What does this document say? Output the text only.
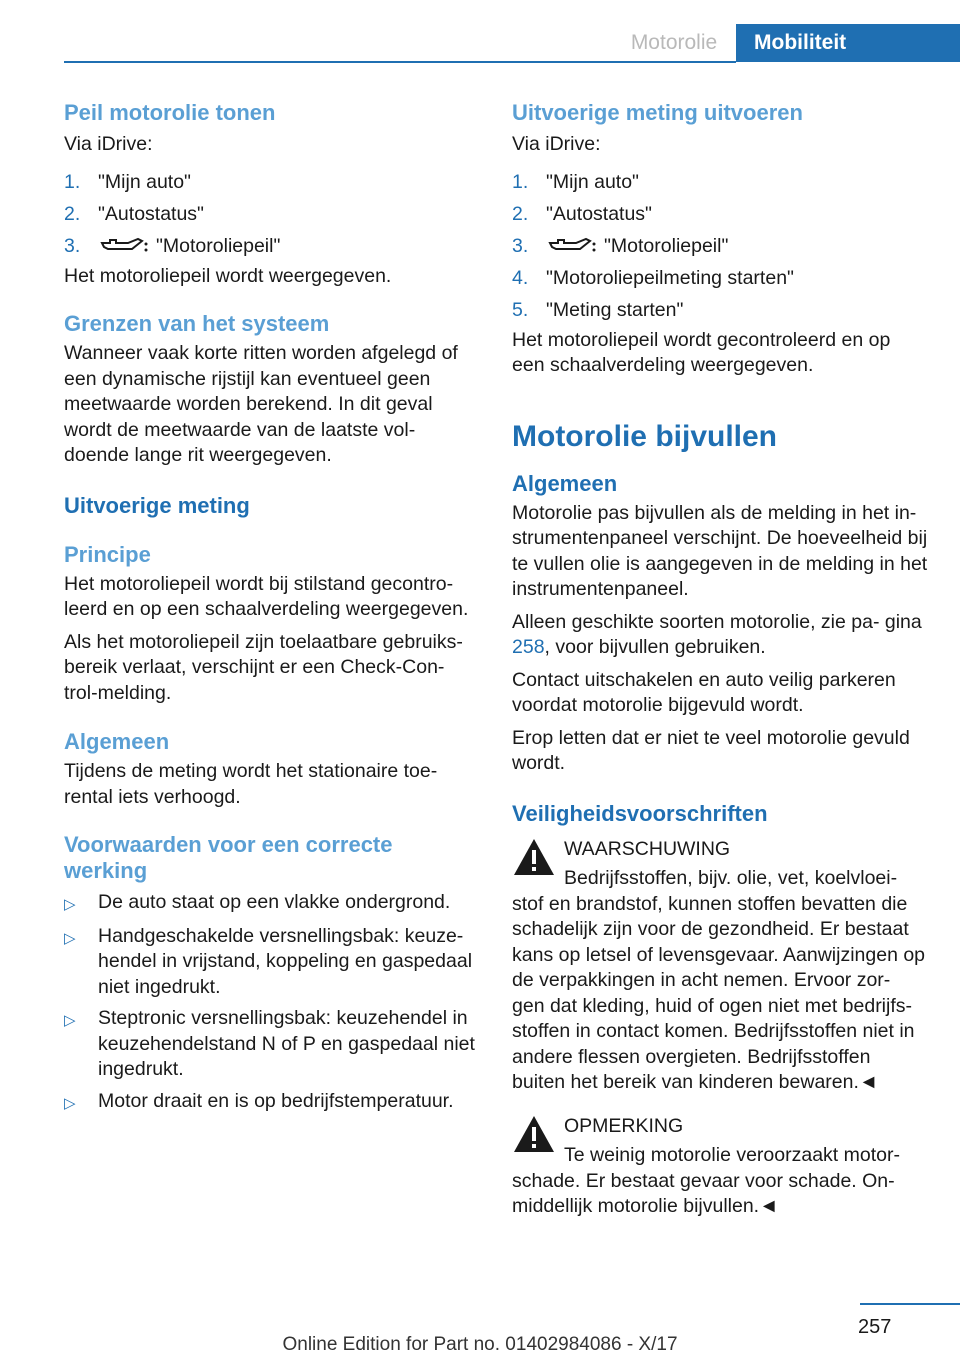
Motorolie	Mobiliteit
Peil motorolie tonen

Via iDrive:

1. "Mijn auto"
2. "Autostatus"
3.	"Motoroliepeil"

Het motoroliepeil wordt weergegeven.

Grenzen van het systeem

Wanneer vaak korte ritten worden afgelegd of een dynamische rijstijl kan eventueel geen meetwaarde worden berekend. In dit geval wordt de meetwaarde van de laatste vol- doende lange rit weergegeven.

Uitvoerige meting
Principe

Het motoroliepeil wordt bij stilstand gecontro- leerd en op een schaalverdeling weergegeven.

Als het motoroliepeil zijn toelaatbare gebruiks- bereik verlaat, verschijnt er een Check-Con- trol-melding.

Algemeen

Tijdens de meting wordt het stationaire toe- rental iets verhoogd.

Voorwaarden voor een correcte werking
▷	De auto staat op een vlakke ondergrond.
▷	Handgeschakelde versnellingsbak: keuze- hendel in vrijstand, koppeling en gaspedaal niet ingedrukt.
▷	Steptronic versnellingsbak: keuzehendel in keuzehendelstand N of P en gaspedaal niet ingedrukt.
▷	Motor draait en is op bedrijfstemperatuur.
Uitvoerige meting uitvoeren

Via iDrive:

1. "Mijn auto"
2. "Autostatus"
3.	"Motoroliepeil"
4. "Motoroliepeilmeting starten"
5. "Meting starten"

Het motoroliepeil wordt gecontroleerd en op een schaalverdeling weergegeven.

Motorolie bijvullen
Algemeen

Motorolie pas bijvullen als de melding in het in- strumentenpaneel verschijnt. De hoeveelheid bij te vullen olie is aangegeven in de melding in het instrumentenpaneel.

Alleen geschikte soorten motorolie, zie pa- gina 258, voor bijvullen gebruiken.

Contact uitschakelen en auto veilig parkeren voordat motorolie bijgevuld wordt.

Erop letten dat er niet te veel motorolie gevuld wordt.

Veiligheidsvoorschriften

WAARSCHUWING

Bedrijfsstoffen, bijv. olie, vet, koelvloei- stof en brandstof, kunnen stoffen bevatten die schadelijk zijn voor de gezondheid. Er bestaat kans op letsel of levensgevaar. Aanwijzingen op de verpakkingen in acht nemen. Ervoor zor- gen dat kleding, huid of ogen niet met bedrijfs- stoffen in contact komen. Bedrijfsstoffen niet in andere flessen overgieten. Bedrijfsstoffen buiten het bereik van kinderen bewaren.◄

OPMERKING

Te weinig motorolie veroorzaakt motor- schade. Er bestaat gevaar voor schade. On- middellijk motorolie bijvullen.◄

257
Online Edition for Part no. 01402984086 - X/17
